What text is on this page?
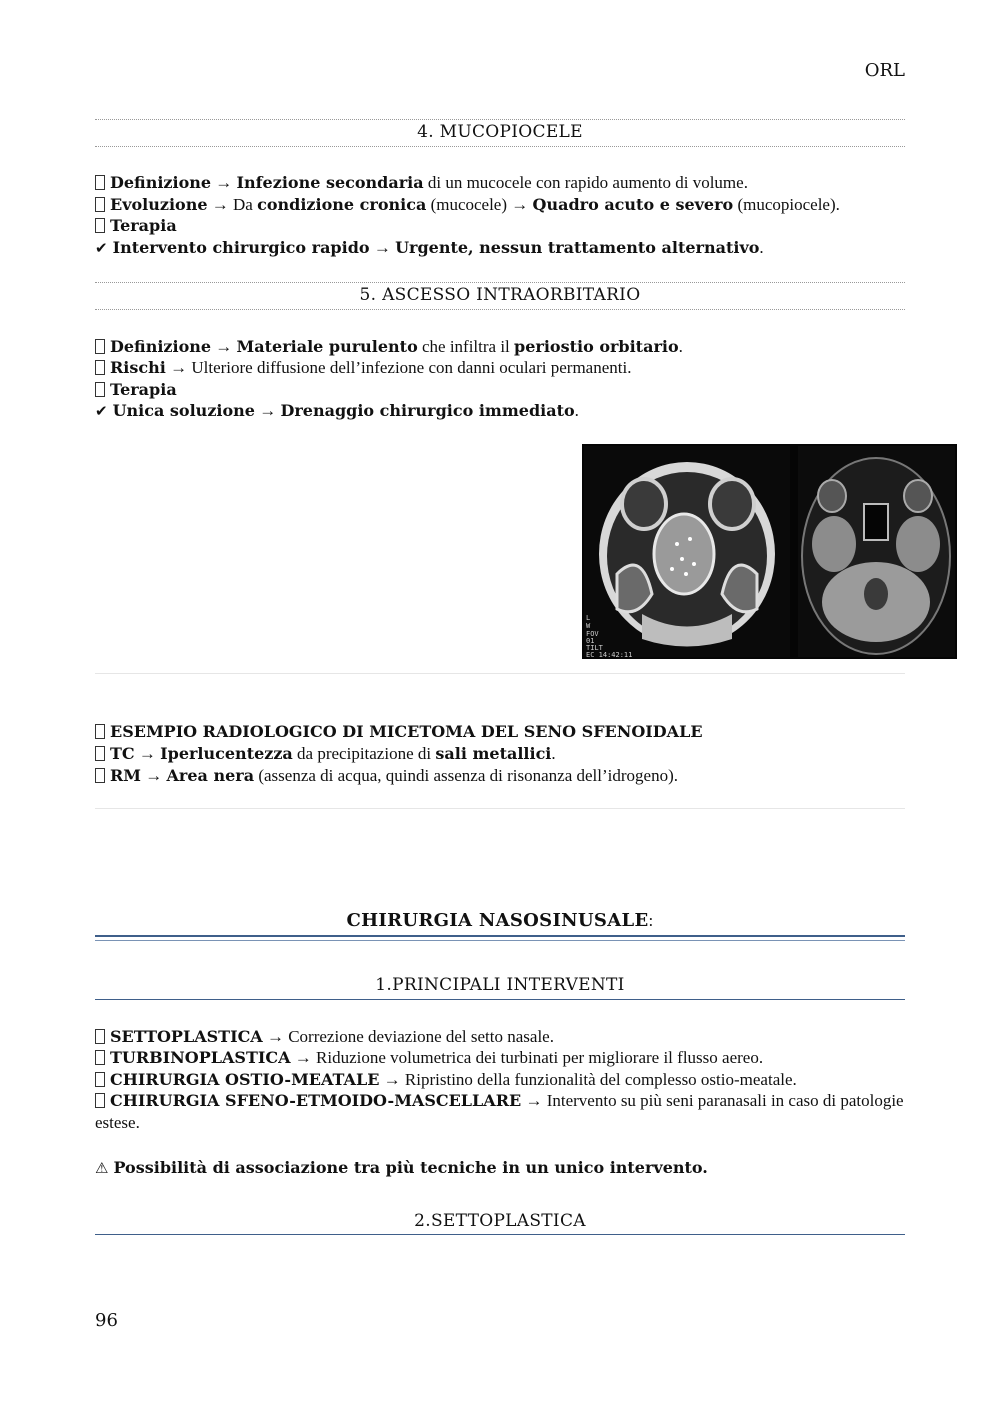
ORL
4. MUCOPIOCELE
Definizione → Infezione secondaria di un mucocele con rapido aumento di volume.
Evoluzione → Da condizione cronica (mucocele) → Quadro acuto e severo (mucopiocele).
Terapia
✔ Intervento chirurgico rapido → Urgente, nessun trattamento alternativo.
5. ASCESSO INTRAORBITARIO
Definizione → Materiale purulento che infiltra il periostio orbitario.
Rischi → Ulteriore diffusione dell’infezione con danni oculari permanenti.
Terapia
✔ Unica soluzione → Drenaggio chirurgico immediato.
L
W
FOV
01
TILT
EC 14:42:11
ESEMPIO RADIOLOGICO DI MICETOMA DEL SENO SFENOIDALE
TC → Iperlucentezza da precipitazione di sali metallici.
RM → Area nera (assenza di acqua, quindi assenza di risonanza dell’idrogeno).
CHIRURGIA NASOSINUSALE:
1.PRINCIPALI INTERVENTI
SETTOPLASTICA → Correzione deviazione del setto nasale.
TURBINOPLASTICA → Riduzione volumetrica dei turbinati per migliorare il flusso aereo.
CHIRURGIA OSTIO-MEATALE → Ripristino della funzionalità del complesso ostio-meatale.
CHIRURGIA SFENO-ETMOIDO-MASCELLARE → Intervento su più seni paranasali in caso di patologie estese.
⚠ Possibilità di associazione tra più tecniche in un unico intervento.
2.SETTOPLASTICA
96
